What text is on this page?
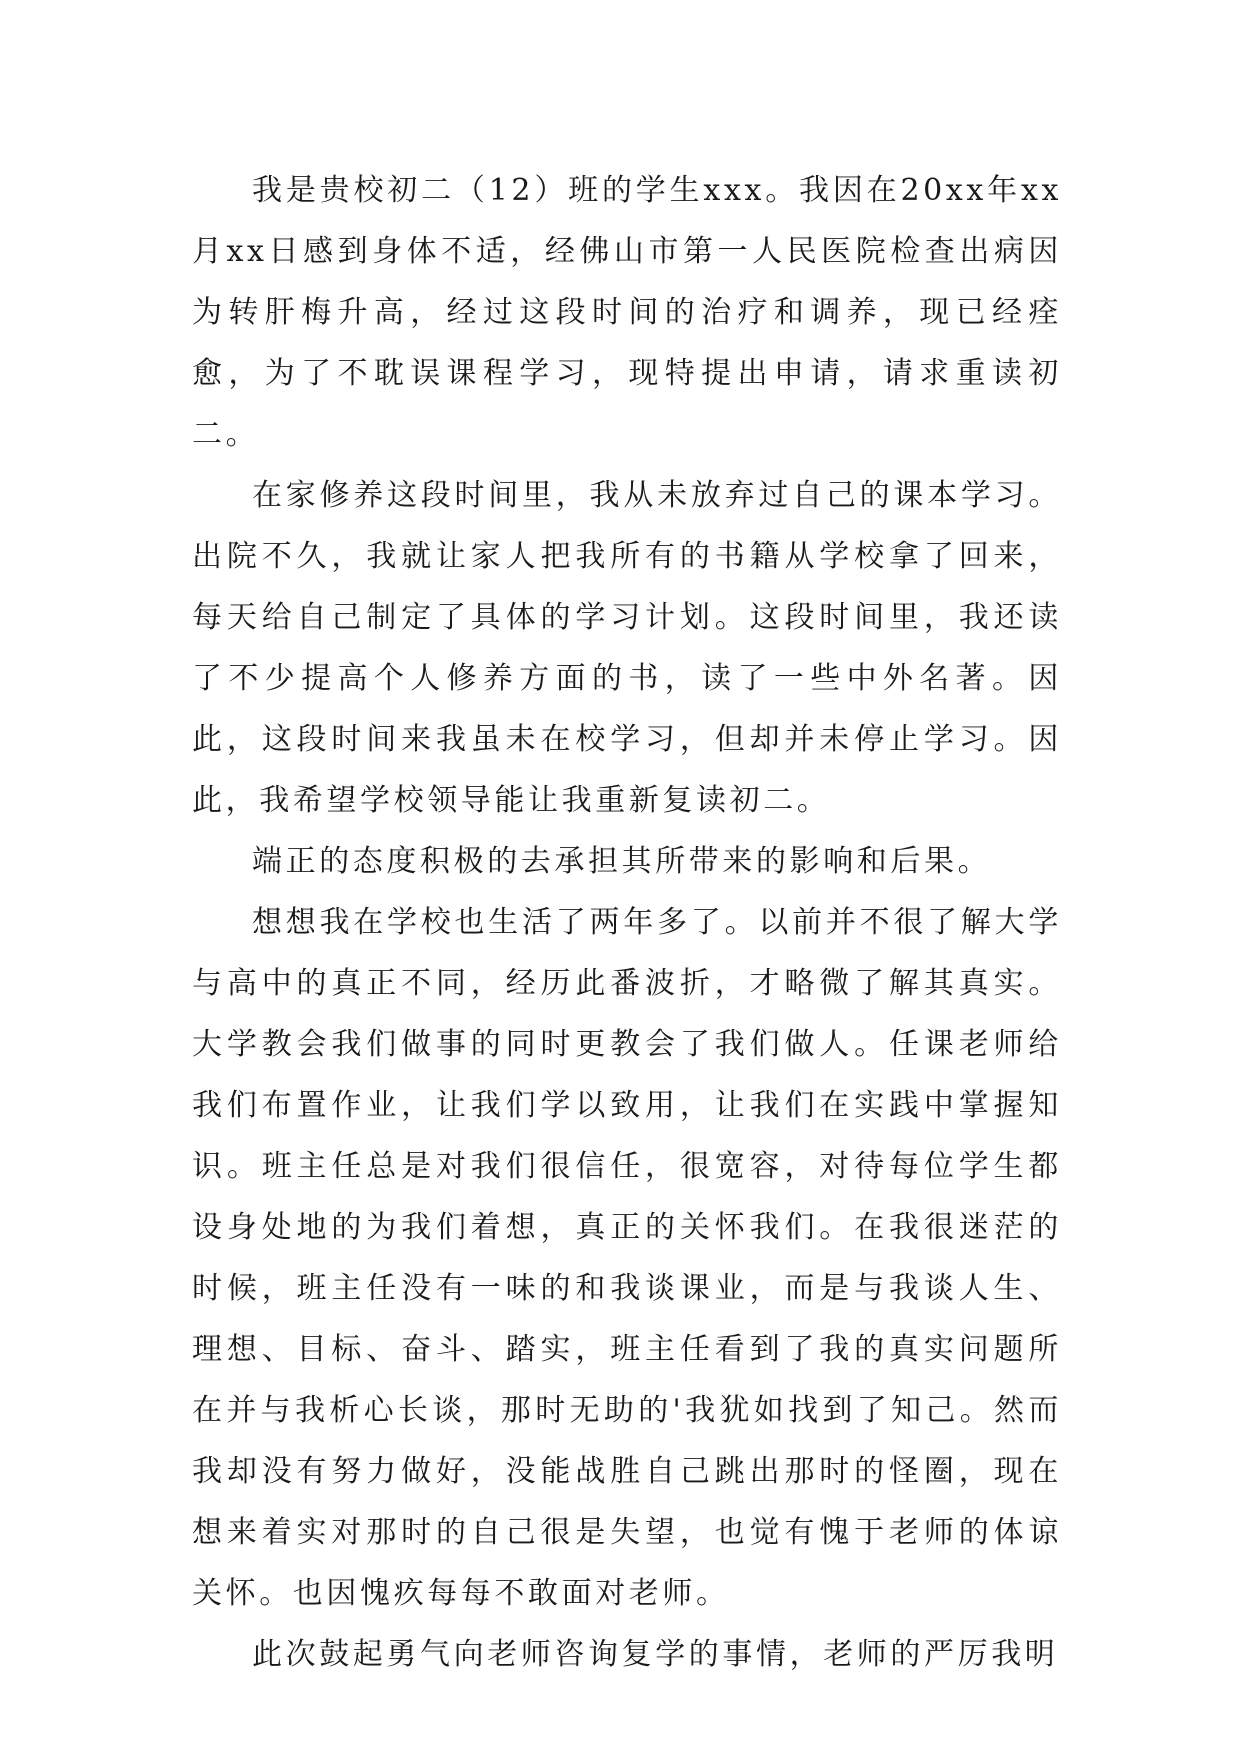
我是贵校初二（12）班的学生xxx。我因在20xx年xx月xx日感到身体不适，经佛山市第一人民医院检查出病因为转肝梅升高，经过这段时间的治疗和调养，现已经痊愈，为了不耽误课程学习，现特提出申请，请求重读初二。

在家修养这段时间里，我从未放弃过自己的课本学习。出院不久，我就让家人把我所有的书籍从学校拿了回来，每天给自己制定了具体的学习计划。这段时间里，我还读了不少提高个人修养方面的书，读了一些中外名著。因此，这段时间来我虽未在校学习，但却并未停止学习。因此，我希望学校领导能让我重新复读初二。

端正的态度积极的去承担其所带来的影响和后果。

想想我在学校也生活了两年多了。以前并不很了解大学与高中的真正不同，经历此番波折，才略微了解其真实。大学教会我们做事的同时更教会了我们做人。任课老师给我们布置作业，让我们学以致用，让我们在实践中掌握知识。班主任总是对我们很信任，很宽容，对待每位学生都设身处地的为我们着想，真正的关怀我们。在我很迷茫的时候，班主任没有一味的和我谈课业，而是与我谈人生、理想、目标、奋斗、踏实，班主任看到了我的真实问题所在并与我析心长谈，那时无助的'我犹如找到了知己。然而我却没有努力做好，没能战胜自己跳出那时的怪圈，现在想来着实对那时的自己很是失望，也觉有愧于老师的体谅关怀。也因愧疚每每不敢面对老师。

此次鼓起勇气向老师咨询复学的事情，老师的严厉我明
